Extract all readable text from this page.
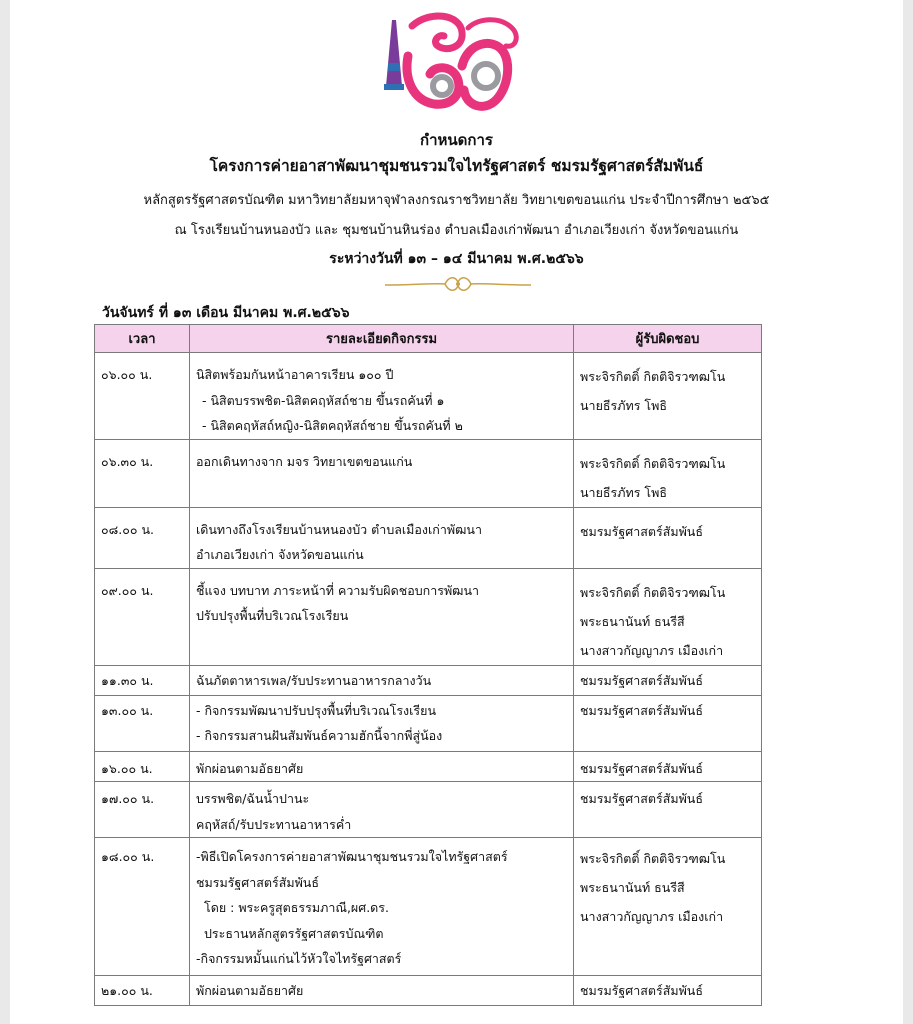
กำหนดการ
โครงการค่ายอาสาพัฒนาชุมชนรวมใจไทรัฐศาสตร์ ชมรมรัฐศาสตร์สัมพันธ์
หลักสูตรรัฐศาสตรบัณฑิต มหาวิทยาลัยมหาจุฬาลงกรณราชวิทยาลัย วิทยาเขตขอนแก่น ประจำปีการศึกษา ๒๕๖๕
ณ โรงเรียนบ้านหนองบัว และ ชุมชนบ้านหินร่อง ตำบลเมืองเก่าพัฒนา อำเภอเวียงเก่า จังหวัดขอนแก่น
ระหว่างวันที่ ๑๓ – ๑๔ มีนาคม พ.ศ.๒๕๖๖
วันจันทร์ ที่ ๑๓ เดือน มีนาคม พ.ศ.๒๕๖๖
เวลา	รายละเอียดกิจกรรม	ผู้รับผิดชอบ

๐๖.๐๐ น.	นิสิตพร้อมกันหน้าอาคารเรียน ๑๐๐ ปี
- นิสิตบรรพชิต-นิสิตคฤหัสถ์ชาย ขึ้นรถคันที่ ๑
- นิสิตคฤหัสถ์หญิง-นิสิตคฤหัสถ์ชาย ขึ้นรถคันที่ ๒	พระจิรกิตติ์ กิตติจิรวฑฒโน
นายธีรภัทร โพธิ

๐๖.๓๐ น.	ออกเดินทางจาก มจร วิทยาเขตขอนแก่น	พระจิรกิตติ์ กิตติจิรวฑฒโน
นายธีรภัทร โพธิ

๐๘.๐๐ น.	เดินทางถึงโรงเรียนบ้านหนองบัว ตำบลเมืองเก่าพัฒนา
อำเภอเวียงเก่า จังหวัดขอนแก่น	ชมรมรัฐศาสตร์สัมพันธ์

๐๙.๐๐ น.	ชี้แจง บทบาท ภาระหน้าที่ ความรับผิดชอบการพัฒนา
ปรับปรุงพื้นที่บริเวณโรงเรียน	พระจิรกิตติ์ กิตติจิรวฑฒโน
พระธนานันท์ ธนรีสี
นางสาวกัญญาภร เมืองเก่า

๑๑.๓๐ น.	ฉันภัตตาหารเพล/รับประทานอาหารกลางวัน	ชมรมรัฐศาสตร์สัมพันธ์

๑๓.๐๐ น.	- กิจกรรมพัฒนาปรับปรุงพื้นที่บริเวณโรงเรียน
- กิจกรรมสานฝันสัมพันธ์ความฮักนี้จากพี่สู่น้อง	ชมรมรัฐศาสตร์สัมพันธ์

๑๖.๐๐ น.	พักผ่อนตามอัธยาศัย	ชมรมรัฐศาสตร์สัมพันธ์

๑๗.๐๐ น.	บรรพชิต/ฉันน้ำปานะ
คฤหัสถ์/รับประทานอาหารค่ำ	ชมรมรัฐศาสตร์สัมพันธ์

๑๘.๐๐ น.	-พิธีเปิดโครงการค่ายอาสาพัฒนาชุมชนรวมใจไทรัฐศาสตร์
ชมรมรัฐศาสตร์สัมพันธ์
โดย : พระครูสุตธรรมภาณี,ผศ.ดร.
ประธานหลักสูตรรัฐศาสตรบัณฑิต
-กิจกรรมหมั้นแก่นไว้หัวใจไทรัฐศาสตร์	พระจิรกิตติ์ กิตติจิรวฑฒโน
พระธนานันท์ ธนรีสี
นางสาวกัญญาภร เมืองเก่า

๒๑.๐๐ น.	พักผ่อนตามอัธยาศัย	ชมรมรัฐศาสตร์สัมพันธ์
